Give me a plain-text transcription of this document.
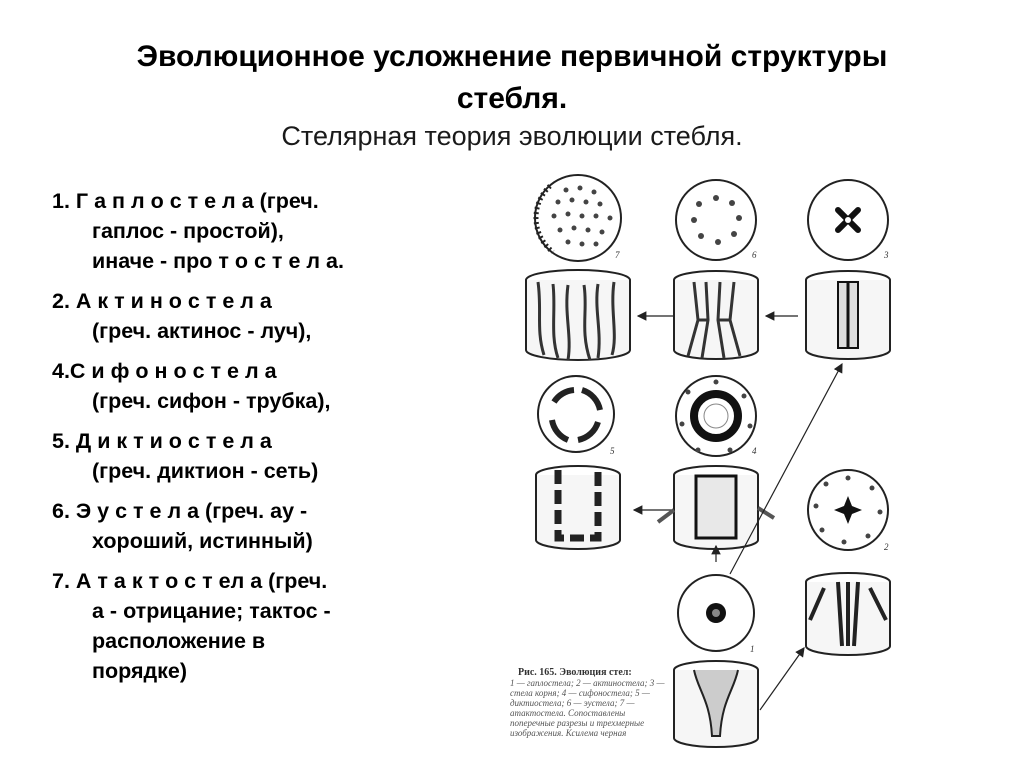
Эволюционное усложнение первичной структуры
стебля.
Стелярная теория эволюции стебля.
1. Г а п л о с т е л а (греч.
гаплос - простой),
иначе - про т о с т е л а.
2. А к т и н о с т е л а
(греч. актинос - луч),
4.С и ф о н о с т е л а
(греч. сифон - трубка),
5. Д и к т и о с т е л а
(греч. диктион - сеть)
6. Э у с т е л а (греч. ау -
хороший, истинный)
7. А т а к т о с т ел а (греч.
а - отрицание; тактос -
расположение в
порядке)
7	6	3
5	4
2
1
Рис. 165. Эволюция стел:
1 — гаплостела; 2 — актиностела; 3 — стела корня; 4 — сифоностела; 5 — диктиостела; 6 — эустела; 7 — атактостела. Сопоставлены поперечные разрезы и трехмерные изображения. Ксилема черная
